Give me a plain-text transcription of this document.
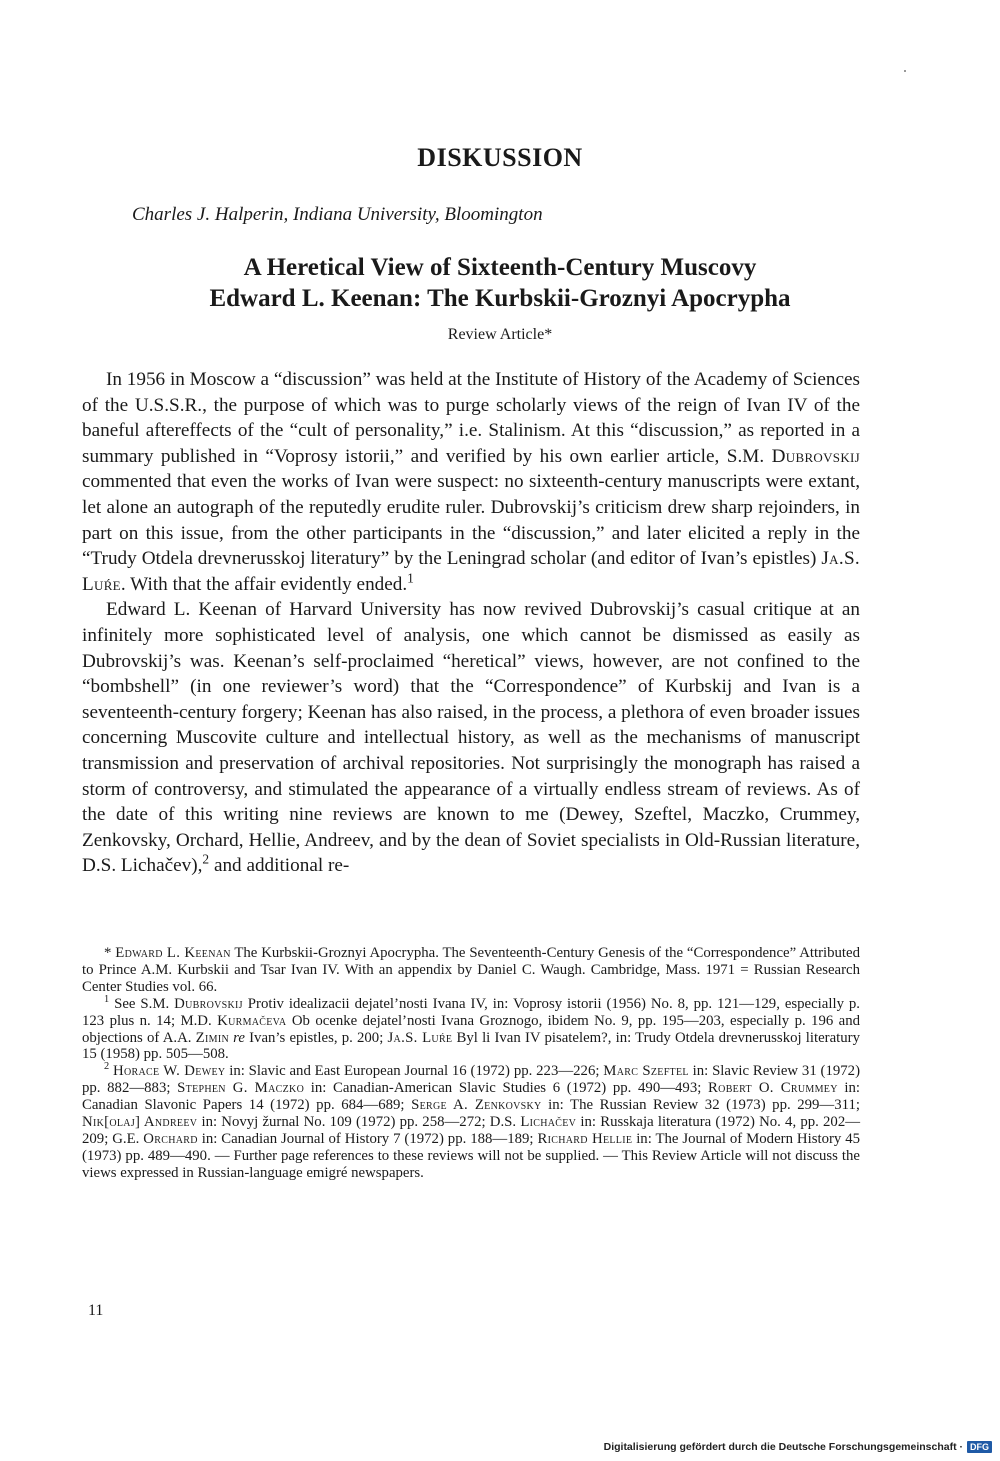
DISKUSSION
Charles J. Halperin, Indiana University, Bloomington
A Heretical View of Sixteenth-Century Muscovy
Edward L. Keenan: The Kurbskii-Groznyi Apocrypha
Review Article*

In 1956 in Moscow a “discussion” was held at the Institute of History of the Academy of Sciences of the U.S.S.R., the purpose of which was to purge scholarly views of the reign of Ivan IV of the baneful aftereffects of the “cult of personality,” i.e. Stalinism. At this “discussion,” as reported in a summary published in “Voprosy istorii,” and verified by his own earlier article, S.M. Dubrovskij commented that even the works of Ivan were suspect: no sixteenth-century manuscripts were extant, let alone an autograph of the reputedly erudite ruler. Dubrovskij’s criticism drew sharp rejoinders, in part on this issue, from the other participants in the “discussion,” and later elicited a reply in the “Trudy Otdela drevnerusskoj literatury” by the Leningrad scholar (and editor of Ivan’s epistles) Ja.S. Luŕe. With that the affair evidently ended.$^1$

Edward L. Keenan of Harvard University has now revived Dubrovskij’s casual critique at an infinitely more sophisticated level of analysis, one which cannot be dismissed as easily as Dubrovskij’s was. Keenan’s self-proclaimed “heretical” views, however, are not confined to the “bombshell” (in one reviewer’s word) that the “Correspondence” of Kurbskij and Ivan is a seventeenth-century forgery; Keenan has also raised, in the process, a plethora of even broader issues concerning Muscovite culture and intellectual history, as well as the mechanisms of manuscript transmission and preservation of archival repositories. Not surprisingly the monograph has raised a storm of controversy, and stimulated the appearance of a virtually endless stream of reviews. As of the date of this writing nine reviews are known to me (Dewey, Szeftel, Maczko, Crummey, Zenkovsky, Orchard, Hellie, Andreev, and by the dean of Soviet specialists in Old-Russian literature, D.S. Lichačev),$^2$ and additional re-

* Edward L. Keenan The Kurbskii-Groznyi Apocrypha. The Seventeenth-Century Genesis of the “Correspondence” Attributed to Prince A.M. Kurbskii and Tsar Ivan IV. With an appendix by Daniel C. Waugh. Cambridge, Mass. 1971 = Russian Research Center Studies vol. 66.

$^1$ See S.M. Dubrovskij Protiv idealizacii dejatel’nosti Ivana IV, in: Voprosy istorii (1956) No. 8, pp. 121—129, especially p. 123 plus n. 14; M.D. Kurmačeva Ob ocenke dejatel’nosti Ivana Groznogo, ibidem No. 9, pp. 195—203, especially p. 196 and objections of A.A. Zimin re Ivan’s epistles, p. 200; Ja.S. Luŕe Byl li Ivan IV pisatelem?, in: Trudy Otdela drevnerusskoj literatury 15 (1958) pp. 505—508.

$^2$ Horace W. Dewey in: Slavic and East European Journal 16 (1972) pp. 223—226; Marc Szeftel in: Slavic Review 31 (1972) pp. 882—883; Stephen G. Maczko in: Canadian-American Slavic Studies 6 (1972) pp. 490—493; Robert O. Crummey in: Canadian Slavonic Papers 14 (1972) pp. 684—689; Serge A. Zenkovsky in: The Russian Review 32 (1973) pp. 299—311; Nik[olaj] Andreev in: Novyj žurnal No. 109 (1972) pp. 258—272; D.S. Lichačev in: Russkaja literatura (1972) No. 4, pp. 202—209; G.E. Orchard in: Canadian Journal of History 7 (1972) pp. 188—189; Richard Hellie in: The Journal of Modern History 45 (1973) pp. 489—490. — Further page references to these reviews will not be supplied. — This Review Article will not discuss the views expressed in Russian-language emigré newspapers.

11
Digitalisierung gefördert durch die Deutsche Forschungsgemeinschaft · DFG
